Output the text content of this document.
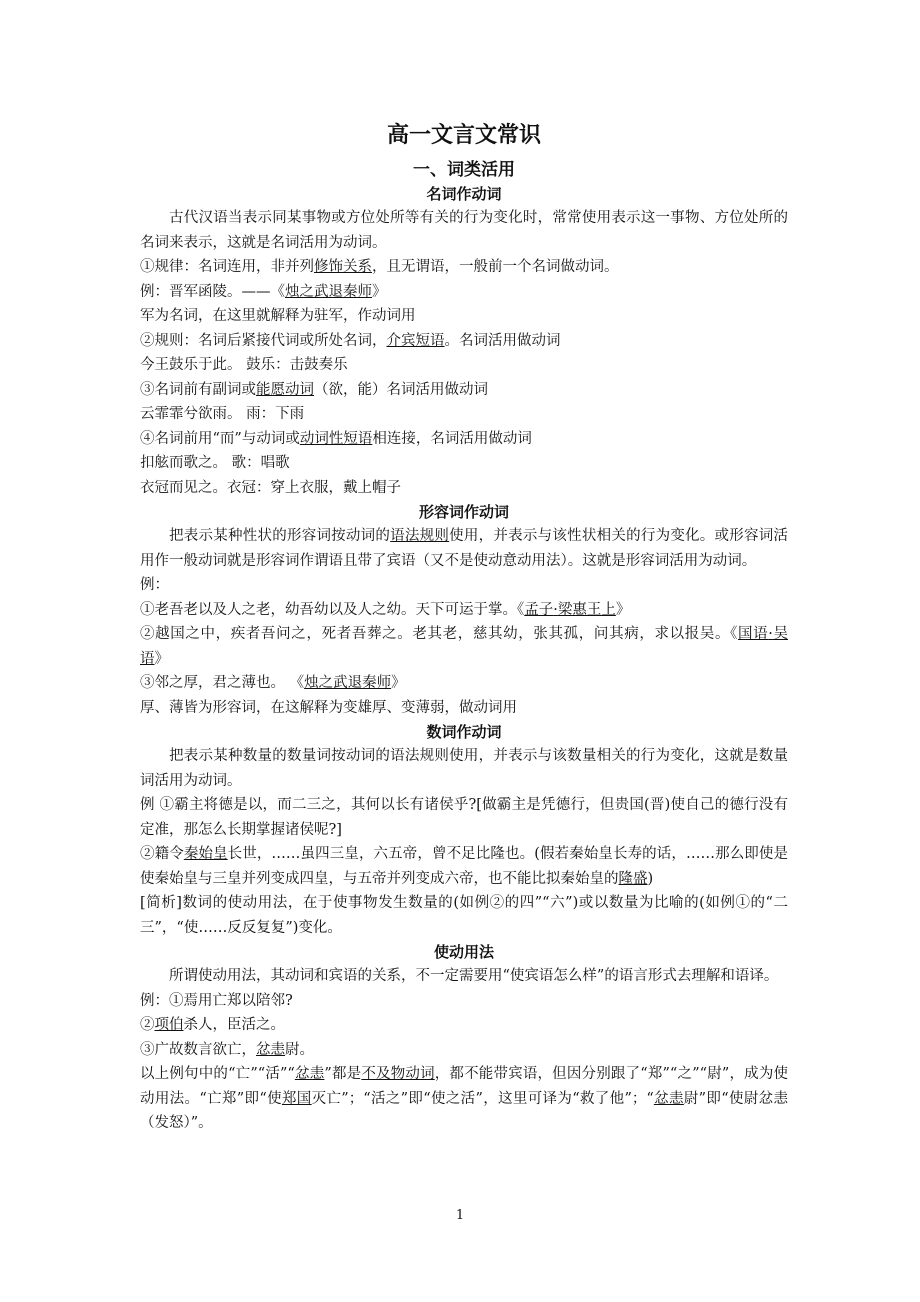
高一文言文常识
一、词类活用
名词作动词

古代汉语当表示同某事物或方位处所等有关的行为变化时，常常使用表示这一事物、方位处所的名词来表示，这就是名词活用为动词。

①规律：名词连用，非并列修饰关系，且无谓语，一般前一个名词做动词。

例：晋军函陵。——《烛之武退秦师》

军为名词，在这里就解释为驻军，作动词用

②规则：名词后紧接代词或所处名词，介宾短语。名词活用做动词

今王鼓乐于此。 鼓乐：击鼓奏乐

③名词前有副词或能愿动词（欲，能）名词活用做动词

云霏霏兮欲雨。 雨：下雨

④名词前用“而”与动词或动词性短语相连接，名词活用做动词

扣舷而歌之。 歌：唱歌

衣冠而见之。衣冠：穿上衣服，戴上帽子

形容词作动词

把表示某种性状的形容词按动词的语法规则使用，并表示与该性状相关的行为变化。或形容词活用作一般动词就是形容词作谓语且带了宾语（又不是使动意动用法）。这就是形容词活用为动词。

例：

①老吾老以及人之老，幼吾幼以及人之幼。天下可运于掌。《孟子·梁惠王上》

②越国之中，疾者吾问之，死者吾葬之。老其老，慈其幼，张其孤，问其病，求以报吴。《国语·吴语》

③邻之厚，君之薄也。 《烛之武退秦师》

厚、薄皆为形容词，在这解释为变雄厚、变薄弱，做动词用

数词作动词

把表示某种数量的数量词按动词的语法规则使用，并表示与该数量相关的行为变化，这就是数量词活用为动词。

例 ①霸主将德是以，而二三之，其何以长有诸侯乎?[做霸主是凭德行，但贵国(晋)使自己的德行没有定准，那怎么长期掌握诸侯呢?]

②籍令秦始皇长世，……虽四三皇，六五帝，曾不足比隆也。(假若秦始皇长寿的话，……那么即使是使秦始皇与三皇并列变成四皇，与五帝并列变成六帝，也不能比拟秦始皇的隆盛)

[简析]数词的使动用法，在于使事物发生数量的(如例②的四”“六”)或以数量为比喻的(如例①的“二三”，“使……反反复复”)变化。

使动用法

所谓使动用法，其动词和宾语的关系，不一定需要用“使宾语怎么样”的语言形式去理解和语译。

例：①焉用亡郑以陪邻?

②项伯杀人，臣活之。

③广故数言欲亡，忿恚尉。

以上例句中的“亡”“活”“忿恚”都是不及物动词，都不能带宾语，但因分别跟了“郑”“之”“尉”，成为使动用法。“亡郑”即“使郑国灭亡”；“活之”即“使之活”，这里可译为“救了他”；“忿恚尉”即“使尉忿恚（发怒）”。

1
